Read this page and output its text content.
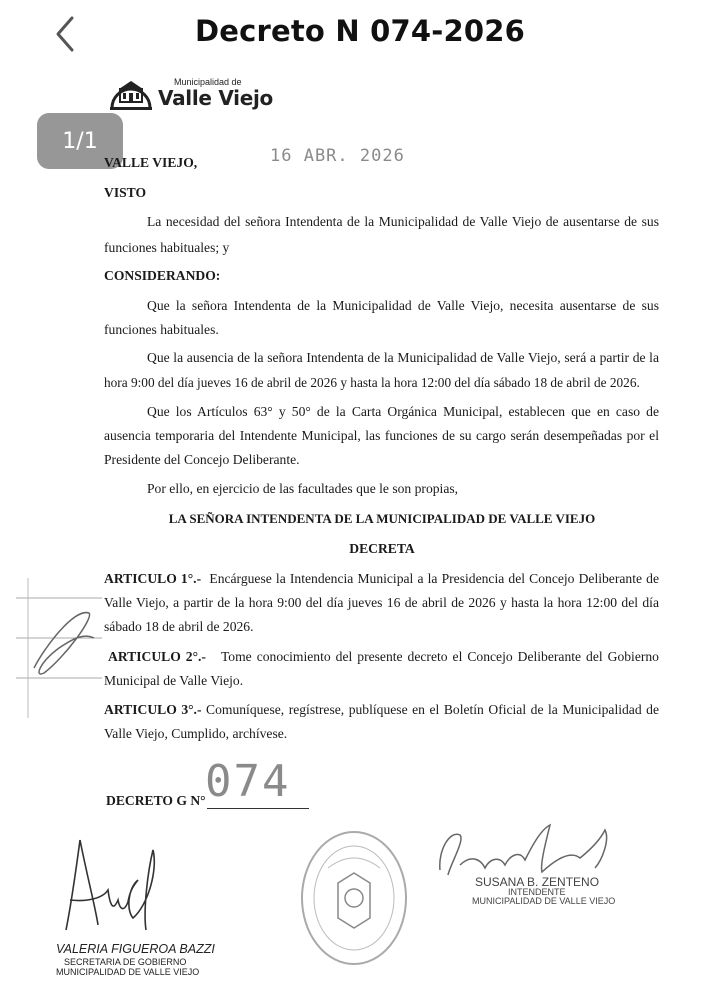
Decreto N 074-2026
Municipalidad de
Valle Viejo
1/1
VALLE VIEJO,	16 ABR. 2026
VISTO
La necesidad del señora Intendenta de la Municipalidad de Valle Viejo de ausentarse de sus
funciones habituales; y
CONSIDERANDO:
Que la señora Intendenta de la Municipalidad de Valle Viejo, necesita ausentarse de sus
funciones habituales.
Que la ausencia de la señora Intendenta de la Municipalidad de Valle Viejo, será a partir de la
hora 9:00 del día jueves 16 de abril de 2026 y hasta la hora 12:00 del día sábado 18 de abril de 2026.
Que los Artículos 63° y 50° de la Carta Orgánica Municipal, establecen que en caso de
ausencia temporaria del Intendente Municipal, las funciones de su cargo serán desempeñadas por el
Presidente del Concejo Deliberante.
Por ello, en ejercicio de las facultades que le son propias,
LA SEÑORA INTENDENTA DE LA MUNICIPALIDAD DE VALLE VIEJO
DECRETA
ARTICULO 1°.- Encárguese la Intendencia Municipal a la Presidencia del Concejo Deliberante de
Valle Viejo, a partir de la hora 9:00 del día jueves 16 de abril de 2026 y hasta la hora 12:00 del día
sábado 18 de abril de 2026.
ARTICULO 2°.- Tome conocimiento del presente decreto el Concejo Deliberante del Gobierno
Municipal de Valle Viejo.
ARTICULO 3°.- Comuníquese, regístrese, publíquese en el Boletín Oficial de la Municipalidad de
Valle Viejo, Cumplido, archívese.
DECRETO G N° 074
VALERIA FIGUEROA BAZZI
SECRETARIA DE GOBIERNO
MUNICIPALIDAD DE VALLE VIEJO
SUSANA B. ZENTENO
INTENDENTE
MUNICIPALIDAD DE VALLE VIEJO
